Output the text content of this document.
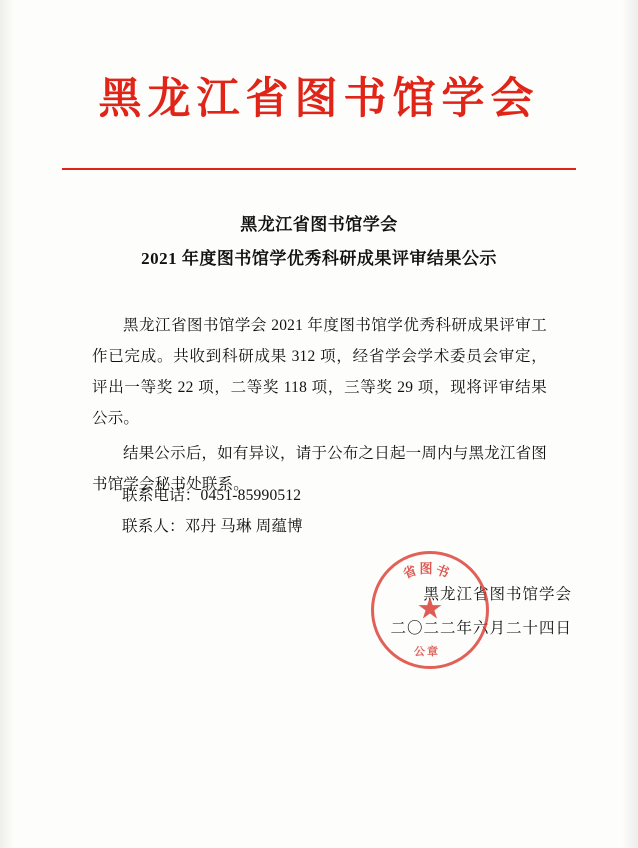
黑龙江省图书馆学会
黑龙江省图书馆学会
2021 年度图书馆学优秀科研成果评审结果公示

黑龙江省图书馆学会 2021 年度图书馆学优秀科研成果评审工作已完成。共收到科研成果 312 项，经省学会学术委员会审定，评出一等奖 22 项，二等奖 118 项，三等奖 29 项，现将评审结果公示。

结果公示后，如有异议，请于公布之日起一周内与黑龙江省图书馆学会秘书处联系。

联系电话：0451-85990512

联系人：邓丹 马琳 周蕴博

黑龙江省图书馆学会
二〇二二年六月二十四日
省图书
★
公章
